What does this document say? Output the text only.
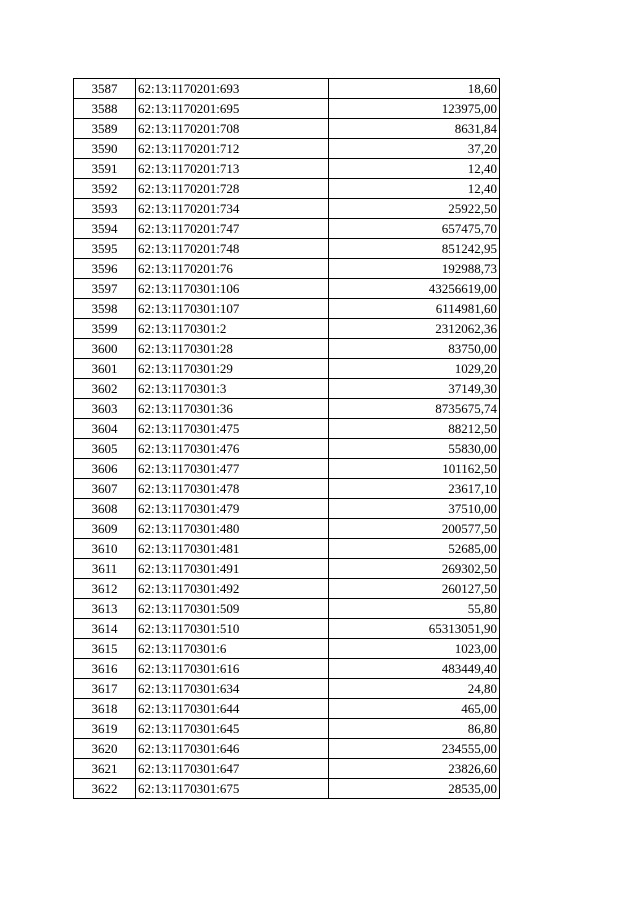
3587	62:13:1170201:693	18,60
3588	62:13:1170201:695	123975,00
3589	62:13:1170201:708	8631,84
3590	62:13:1170201:712	37,20
3591	62:13:1170201:713	12,40
3592	62:13:1170201:728	12,40
3593	62:13:1170201:734	25922,50
3594	62:13:1170201:747	657475,70
3595	62:13:1170201:748	851242,95
3596	62:13:1170201:76	192988,73
3597	62:13:1170301:106	43256619,00
3598	62:13:1170301:107	6114981,60
3599	62:13:1170301:2	2312062,36
3600	62:13:1170301:28	83750,00
3601	62:13:1170301:29	1029,20
3602	62:13:1170301:3	37149,30
3603	62:13:1170301:36	8735675,74
3604	62:13:1170301:475	88212,50
3605	62:13:1170301:476	55830,00
3606	62:13:1170301:477	101162,50
3607	62:13:1170301:478	23617,10
3608	62:13:1170301:479	37510,00
3609	62:13:1170301:480	200577,50
3610	62:13:1170301:481	52685,00
3611	62:13:1170301:491	269302,50
3612	62:13:1170301:492	260127,50
3613	62:13:1170301:509	55,80
3614	62:13:1170301:510	65313051,90
3615	62:13:1170301:6	1023,00
3616	62:13:1170301:616	483449,40
3617	62:13:1170301:634	24,80
3618	62:13:1170301:644	465,00
3619	62:13:1170301:645	86,80
3620	62:13:1170301:646	234555,00
3621	62:13:1170301:647	23826,60
3622	62:13:1170301:675	28535,00
